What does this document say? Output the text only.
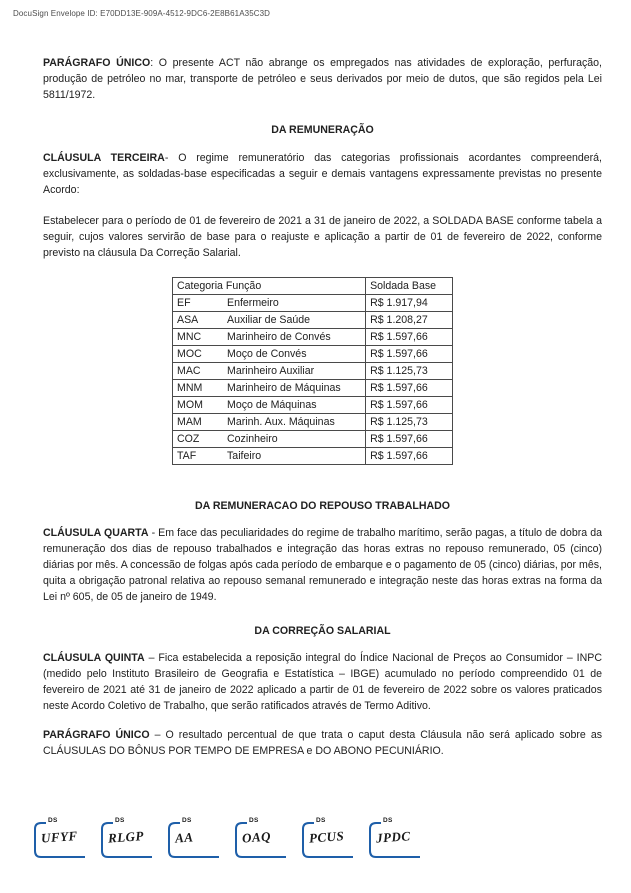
DocuSign Envelope ID: E70DD13E-909A-4512-9DC6-2E8B61A35C3D

PARÁGRAFO ÚNICO: O presente ACT não abrange os empregados nas atividades de exploração, perfuração, produção de petróleo no mar, transporte de petróleo e seus derivados por meio de dutos, que são regidos pela Lei 5811/1972.

DA REMUNERAÇÃO

CLÁUSULA TERCEIRA- O regime remuneratório das categorias profissionais acordantes compreenderá, exclusivamente, as soldadas-base especificadas a seguir e demais vantagens expressamente previstas no presente Acordo:

Estabelecer para o período de 01 de fevereiro de 2021 a 31 de janeiro de 2022, a SOLDADA BASE conforme tabela a seguir, cujos valores servirão de base para o reajuste e aplicação a partir de 01 de fevereiro de 2022, conforme previsto na cláusula Da Correção Salarial.

Categoria Função	Soldada Base
EF Enfermeiro	R$ 1.917,94
ASA Auxiliar de Saúde	R$ 1.208,27
MNC Marinheiro de Convés	R$ 1.597,66
MOC Moço de Convés	R$ 1.597,66
MAC Marinheiro Auxiliar	R$ 1.125,73
MNM Marinheiro de Máquinas	R$ 1.597,66
MOM Moço de Máquinas	R$ 1.597,66
MAM Marinh. Aux. Máquinas	R$ 1.125,73
COZ Cozinheiro	R$ 1.597,66
TAF Taifeiro	R$ 1.597,66

DA REMUNERACAO DO REPOUSO TRABALHADO

CLÁUSULA QUARTA - Em face das peculiaridades do regime de trabalho marítimo, serão pagas, a título de dobra da remuneração dos dias de repouso trabalhados e integração das horas extras no repouso remunerado, 05 (cinco) diárias por mês. A concessão de folgas após cada período de embarque e o pagamento de 05 (cinco) diárias, por mês, quita a obrigação patronal relativa ao repouso semanal remunerado e integração neste das horas extras na forma da Lei nº 605, de 05 de janeiro de 1949.

DA CORREÇÃO SALARIAL

CLÁUSULA QUINTA – Fica estabelecida a reposição integral do Índice Nacional de Preços ao Consumidor – INPC (medido pelo Instituto Brasileiro de Geografia e Estatística – IBGE) acumulado no período compreendido 01 de fevereiro de 2021 até 31 de janeiro de 2022 aplicado a partir de 01 de fevereiro de 2022 sobre os valores praticados neste Acordo Coletivo de Trabalho, que serão ratificados através de Termo Aditivo.

PARÁGRAFO ÚNICO – O resultado percentual de que trata o caput desta Cláusula não será aplicado sobre as CLÁUSULAS DO BÔNUS POR TEMPO DE EMPRESA e DO ABONO PECUNIÁRIO.

DS
UFYF
DS
RLGP
DS
AA
DS
OAQ
DS
PCUS
DS
JPDC
